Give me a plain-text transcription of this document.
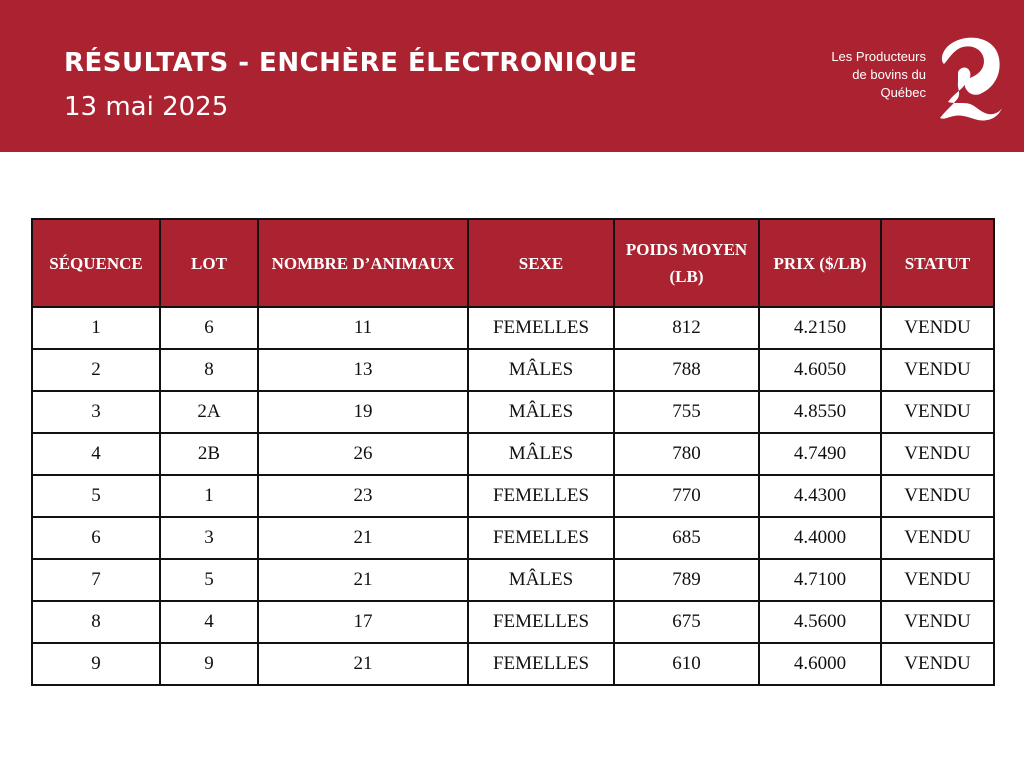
RÉSULTATS - ENCHÈRE ÉLECTRONIQUE
13 mai 2025
Les Producteurs
de bovins du
Québec
SÉQUENCE	LOT	NOMBRE D’ANIMAUX	SEXE	POIDS MOYEN (LB)	PRIX ($/LB)	STATUT
1	6	11	FEMELLES	812	4.2150	VENDU
2	8	13	MÂLES	788	4.6050	VENDU
3	2A	19	MÂLES	755	4.8550	VENDU
4	2B	26	MÂLES	780	4.7490	VENDU
5	1	23	FEMELLES	770	4.4300	VENDU
6	3	21	FEMELLES	685	4.4000	VENDU
7	5	21	MÂLES	789	4.7100	VENDU
8	4	17	FEMELLES	675	4.5600	VENDU
9	9	21	FEMELLES	610	4.6000	VENDU
